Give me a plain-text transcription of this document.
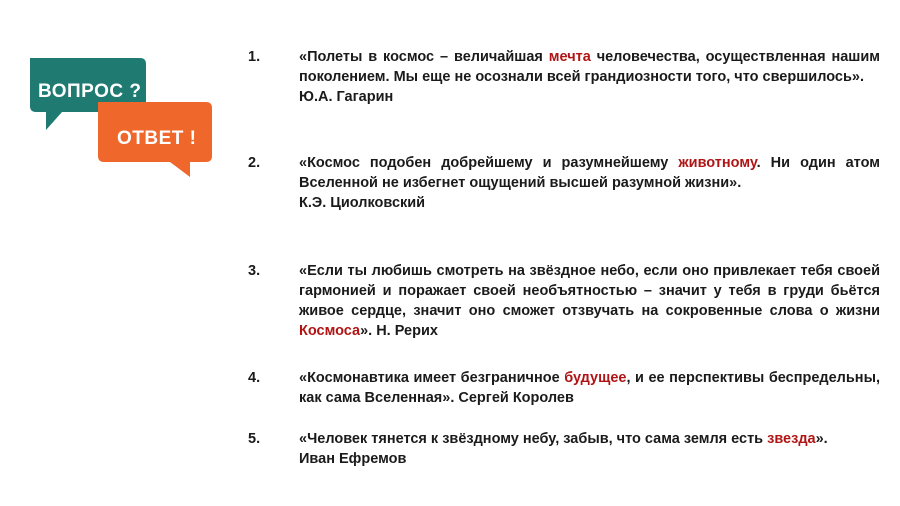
ВОПРОС ?
ОТВЕТ !
1.	«Полеты в космос – величайшая мечта человечества, осуществленная нашим поколением. Мы еще не осознали всей грандиозности того, что свершилось».
Ю.А. Гагарин
2.	«Космос подобен добрейшему и разумнейшему животному. Ни один атом Вселенной не избегнет ощущений высшей разумной жизни».
К.Э. Циолковский
3.	«Если ты любишь смотреть на звёздное небо, если оно привлекает тебя своей гармонией и поражает своей необъятностью – значит у тебя в груди бьётся живое сердце, значит оно сможет отзвучать на сокровенные слова о жизни Космоса». Н. Рерих
4.	«Космонавтика имеет безграничное будущее, и ее перспективы беспредельны, как сама Вселенная». Сергей Королев
5.	«Человек тянется к звёздному небу, забыв, что сама земля есть звезда».
Иван Ефремов
